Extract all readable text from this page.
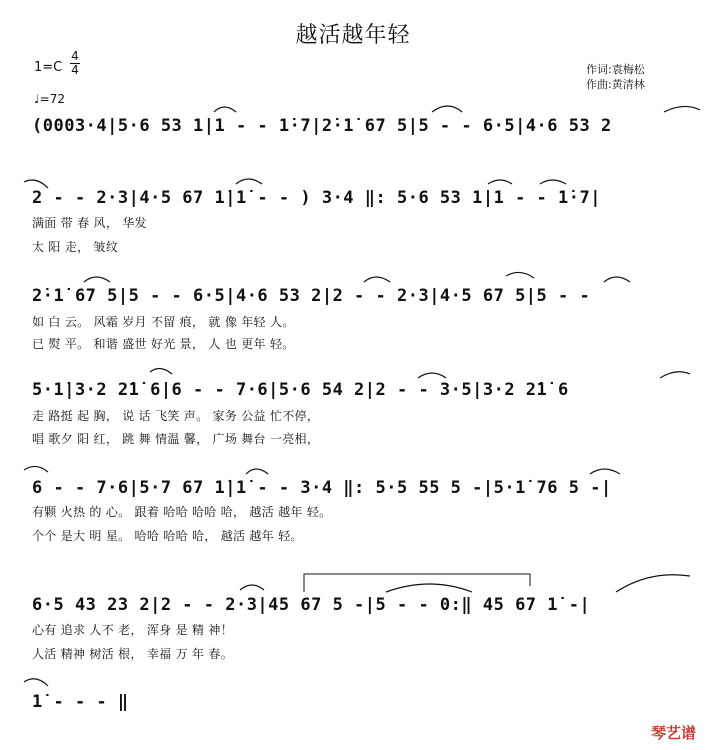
越活越年轻
1=C
4
4
♩=72
作词:袁梅松
作曲:黄清林
(0003·4|5·6 53 1|1 - - 1̇·7|2̇·1̇ 67 5|5 - - 6·5|4·6 53 2
2 - - 2·3|4·5 67 1̇|1̇ - - ) 3·4 ‖: 5·6 53 1|1 - - 1̇·7|
满面 带 春 风， 华发
太 阳 走， 皱纹
2̇·1̇ 67 5|5 - - 6·5|4·6 53 2|2 - - 2·3|4·5 67 5|5 - -
如 白 云。 风霜 岁月 不留 痕， 就 像 年轻 人。
已 熨 平。 和谐 盛世 好光 景， 人 也 更年 轻。
5·1̇|3·2 2̇1̇ 6|6 - - 7·6|5·6 54 2|2 - - 3·5|3·2 2̇1̇ 6
走 路挺 起 胸， 说 话 飞笑 声。 家务 公益 忙不停，
唱 歌夕 阳 红， 跳 舞 情温 馨， 广场 舞台 一亮相，
6 - - 7·6|5·7 67 1̇|1̇ - - 3·4 ‖: 5·5 55 5 -|5·1̇ 76 5 -|
有颗 火热 的 心。 跟着 哈哈 哈哈 哈， 越活 越年 轻。
个个 是大 明 星。 哈哈 哈哈 哈， 越活 越年 轻。
6·5 43 23 2|2 - - 2·3|45 67 5 -|5 - - 0:‖ 45 67 1̇ -|
心有 追求 人不 老， 浑身 是 精 神！
人活 精神 树活 根， 幸福 万 年 春。
1̇ - - - ‖
琴艺谱
